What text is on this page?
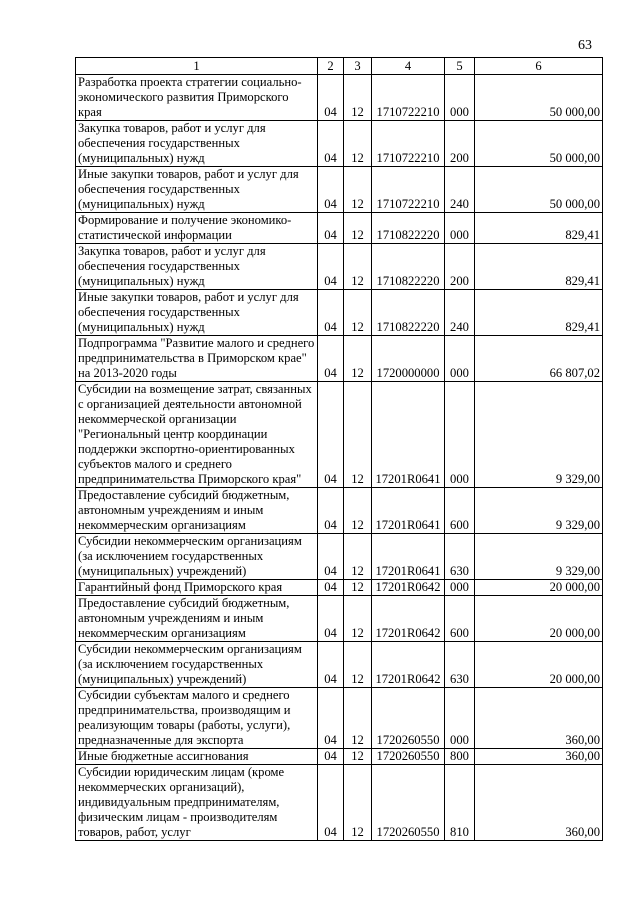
63
1	2	3	4	5	6
Разработка проекта стратегии социально-экономического развития Приморского края	04	12	1710722210	000	50 000,00
Закупка товаров, работ и услуг для обеспечения государственных (муниципальных) нужд	04	12	1710722210	200	50 000,00
Иные закупки товаров, работ и услуг для обеспечения государственных (муниципальных) нужд	04	12	1710722210	240	50 000,00
Формирование и получение экономико-статистической информации	04	12	1710822220	000	829,41
Закупка товаров, работ и услуг для обеспечения государственных (муниципальных) нужд	04	12	1710822220	200	829,41
Иные закупки товаров, работ и услуг для обеспечения государственных (муниципальных) нужд	04	12	1710822220	240	829,41
Подпрограмма "Развитие малого и среднего предпринимательства в Приморском крае" на 2013-2020 годы	04	12	1720000000	000	66 807,02
Субсидии на возмещение затрат, связанных с организацией деятельности автономной некоммерческой организации "Региональный центр координации поддержки экспортно-ориентированных субъектов малого и среднего предпринимательства Приморского края"	04	12	17201R0641	000	9 329,00
Предоставление субсидий бюджетным, автономным учреждениям и иным некоммерческим организациям	04	12	17201R0641	600	9 329,00
Субсидии некоммерческим организациям (за исключением государственных (муниципальных) учреждений)	04	12	17201R0641	630	9 329,00
Гарантийный фонд Приморского края	04	12	17201R0642	000	20 000,00
Предоставление субсидий бюджетным, автономным учреждениям и иным некоммерческим организациям	04	12	17201R0642	600	20 000,00
Субсидии некоммерческим организациям (за исключением государственных (муниципальных) учреждений)	04	12	17201R0642	630	20 000,00
Субсидии субъектам малого и среднего предпринимательства, производящим и реализующим товары (работы, услуги), предназначенные для экспорта	04	12	1720260550	000	360,00
Иные бюджетные ассигнования	04	12	1720260550	800	360,00
Субсидии юридическим лицам (кроме некоммерческих организаций), индивидуальным предпринимателям, физическим лицам - производителям товаров, работ, услуг	04	12	1720260550	810	360,00
